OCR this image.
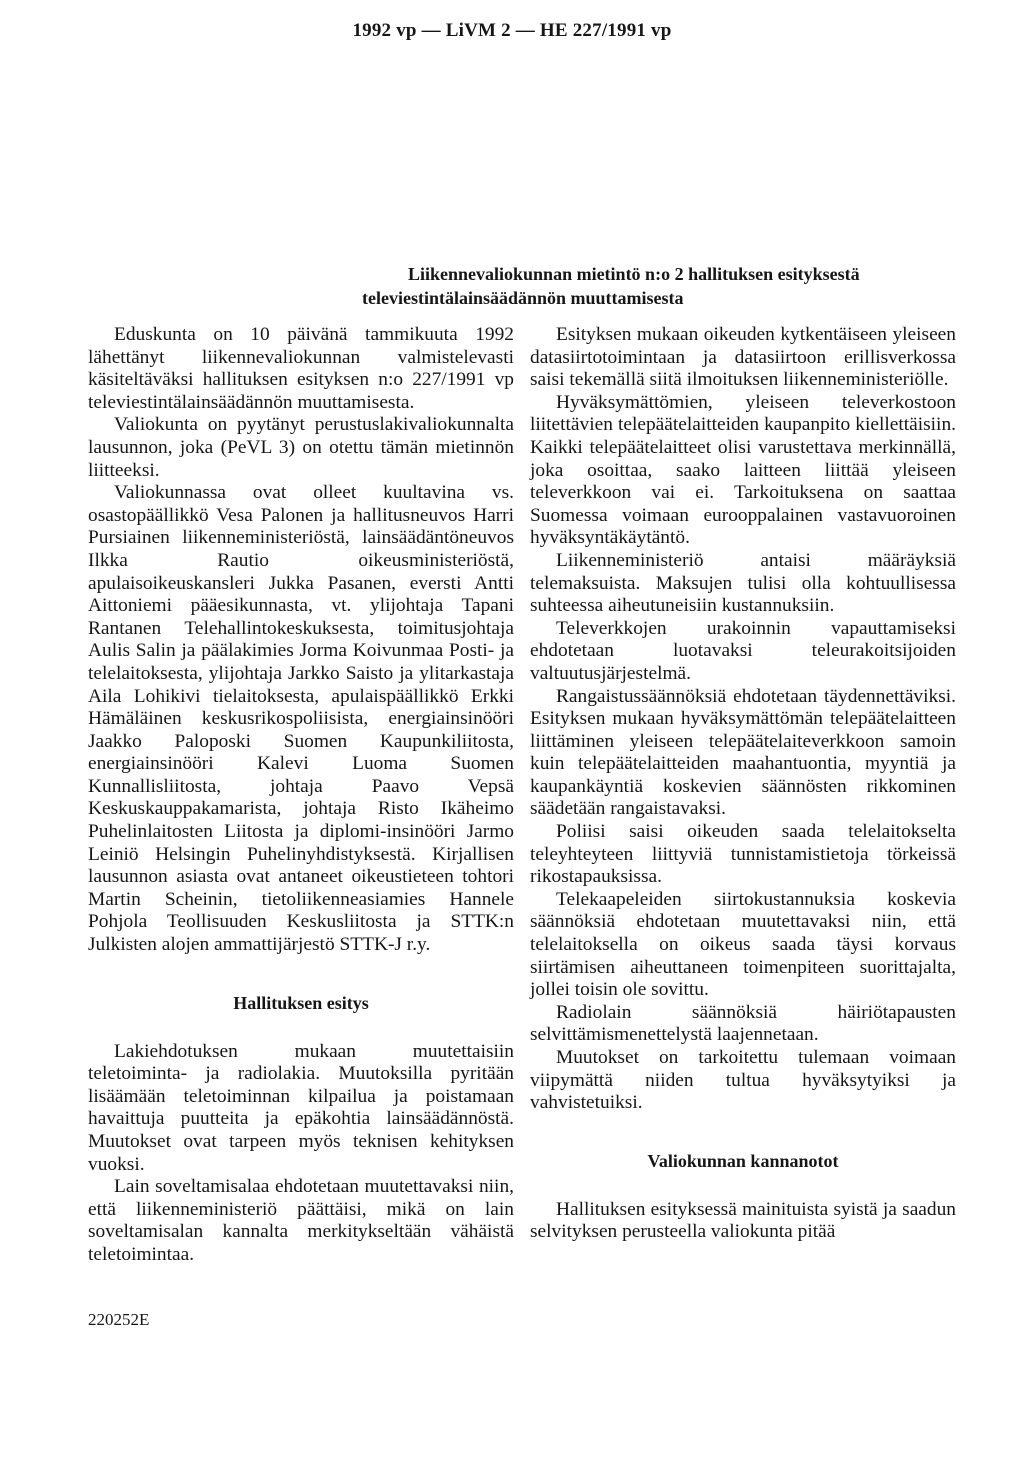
1992 vp — LiVM 2 — HE 227/1991 vp
Liikennevaliokunnan mietintö n:o 2 hallituksen esityksestä televiestintälainsäädännön muuttamisesta

Eduskunta on 10 päivänä tammikuuta 1992 lähettänyt liikennevaliokunnan valmistelevasti käsiteltäväksi hallituksen esityksen n:o 227/1991 vp televiestintälainsäädännön muuttamisesta.

Valiokunta on pyytänyt perustuslakivaliokunnalta lausunnon, joka (PeVL 3) on otettu tämän mietinnön liitteeksi.

Valiokunnassa ovat olleet kuultavina vs. osastopäällikkö Vesa Palonen ja hallitusneuvos Harri Pursiainen liikenneministeriöstä, lainsäädäntöneuvos Ilkka Rautio oikeusministeriöstä, apulaisoikeuskansleri Jukka Pasanen, eversti Antti Aittoniemi pääesikunnasta, vt. ylijohtaja Tapani Rantanen Telehallintokeskuksesta, toimitusjohtaja Aulis Salin ja päälakimies Jorma Koivunmaa Posti- ja telelaitoksesta, ylijohtaja Jarkko Saisto ja ylitarkastaja Aila Lohikivi tielaitoksesta, apulaispäällikkö Erkki Hämäläinen keskusrikospoliisista, energiainsinööri Jaakko Paloposki Suomen Kaupunkiliitosta, energiainsinööri Kalevi Luoma Suomen Kunnallisliitosta, johtaja Paavo Vepsä Keskuskauppakamarista, johtaja Risto Ikäheimo Puhelinlaitosten Liitosta ja diplomi-insinööri Jarmo Leiniö Helsingin Puhelinyhdistyksestä. Kirjallisen lausunnon asiasta ovat antaneet oikeustieteen tohtori Martin Scheinin, tietoliikenneasiamies Hannele Pohjola Teollisuuden Keskusliitosta ja STTK:n Julkisten alojen ammattijärjestö STTK-J r.y.

Hallituksen esitys

Lakiehdotuksen mukaan muutettaisiin teletoiminta- ja radiolakia. Muutoksilla pyritään lisäämään teletoiminnan kilpailua ja poistamaan havaittuja puutteita ja epäkohtia lainsäädännöstä. Muutokset ovat tarpeen myös teknisen kehityksen vuoksi.

Lain soveltamisalaa ehdotetaan muutettavaksi niin, että liikenneministeriö päättäisi, mikä on lain soveltamisalan kannalta merkitykseltään vähäistä teletoimintaa.

Esityksen mukaan oikeuden kytkentäiseen yleiseen datasiirtotoimintaan ja datasiirtoon erillisverkossa saisi tekemällä siitä ilmoituksen liikenneministeriölle.

Hyväksymättömien, yleiseen televerkostoon liitettävien telepäätelaitteiden kaupanpito kiellettäisiin. Kaikki telepäätelaitteet olisi varustettava merkinnällä, joka osoittaa, saako laitteen liittää yleiseen televerkkoon vai ei. Tarkoituksena on saattaa Suomessa voimaan eurooppalainen vastavuoroinen hyväksyntäkäytäntö.

Liikenneministeriö antaisi määräyksiä telemaksuista. Maksujen tulisi olla kohtuullisessa suhteessa aiheutuneisiin kustannuksiin.

Televerkkojen urakoinnin vapauttamiseksi ehdotetaan luotavaksi teleurakoitsijoiden valtuutusjärjestelmä.

Rangaistussäännöksiä ehdotetaan täydennettäviksi. Esityksen mukaan hyväksymättömän telepäätelaitteen liittäminen yleiseen telepäätelaiteverkkoon samoin kuin telepäätelaitteiden maahantuontia, myyntiä ja kaupankäyntiä koskevien säännösten rikkominen säädetään rangaistavaksi.

Poliisi saisi oikeuden saada telelaitokselta teleyhteyteen liittyviä tunnistamistietoja törkeissä rikostapauksissa.

Telekaapeleiden siirtokustannuksia koskevia säännöksiä ehdotetaan muutettavaksi niin, että telelaitoksella on oikeus saada täysi korvaus siirtämisen aiheuttaneen toimenpiteen suorittajalta, jollei toisin ole sovittu.

Radiolain säännöksiä häiriötapausten selvittämismenettelystä laajennetaan.

Muutokset on tarkoitettu tulemaan voimaan viipymättä niiden tultua hyväksytyiksi ja vahvistetuiksi.

Valiokunnan kannanotot

Hallituksen esityksessä mainituista syistä ja saadun selvityksen perusteella valiokunta pitää

220252E
